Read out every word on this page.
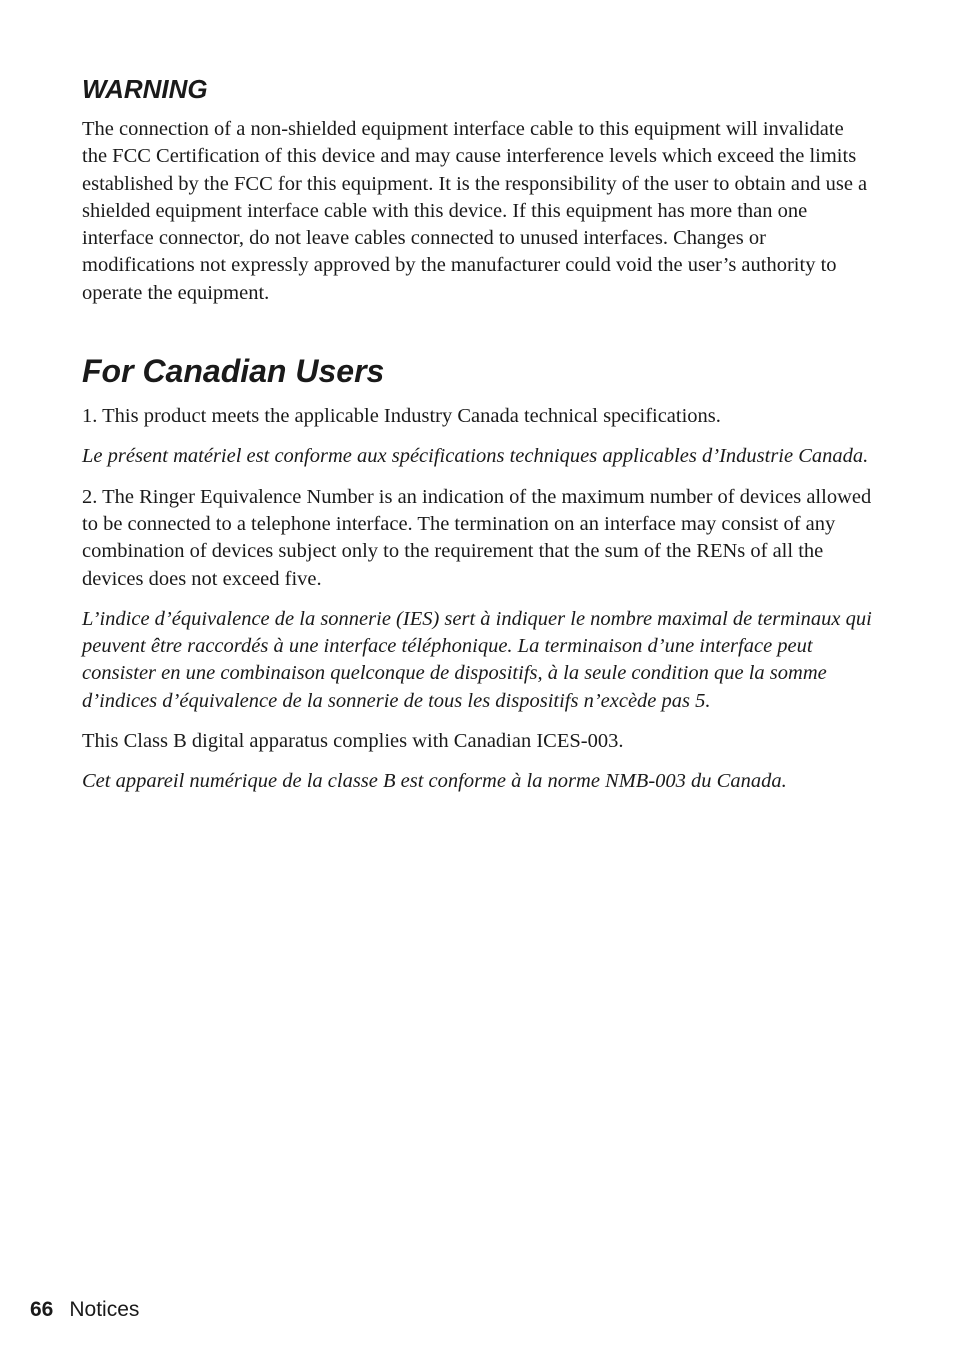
WARNING

The connection of a non-shielded equipment interface cable to this equipment will invalidate the FCC Certification of this device and may cause interference levels which exceed the limits established by the FCC for this equipment. It is the responsibility of the user to obtain and use a shielded equipment interface cable with this device. If this equipment has more than one interface connector, do not leave cables connected to unused interfaces. Changes or modifications not expressly approved by the manufacturer could void the user’s authority to operate the equipment.

For Canadian Users

1. This product meets the applicable Industry Canada technical specifications.

Le présent matériel est conforme aux spécifications techniques applicables d’Industrie Canada.

2. The Ringer Equivalence Number is an indication of the maximum number of devices allowed to be connected to a telephone interface. The termination on an interface may consist of any combination of devices subject only to the requirement that the sum of the RENs of all the devices does not exceed five.

L’indice d’équivalence de la sonnerie (IES) sert à indiquer le nombre maximal de terminaux qui peuvent être raccordés à une interface téléphonique. La terminaison d’une interface peut consister en une combinaison quelconque de dispositifs, à la seule condition que la somme d’indices d’équivalence de la sonnerie de tous les dispositifs n’excède pas 5.

This Class B digital apparatus complies with Canadian ICES-003.

Cet appareil numérique de la classe B est conforme à la norme NMB-003 du Canada.

66 Notices
